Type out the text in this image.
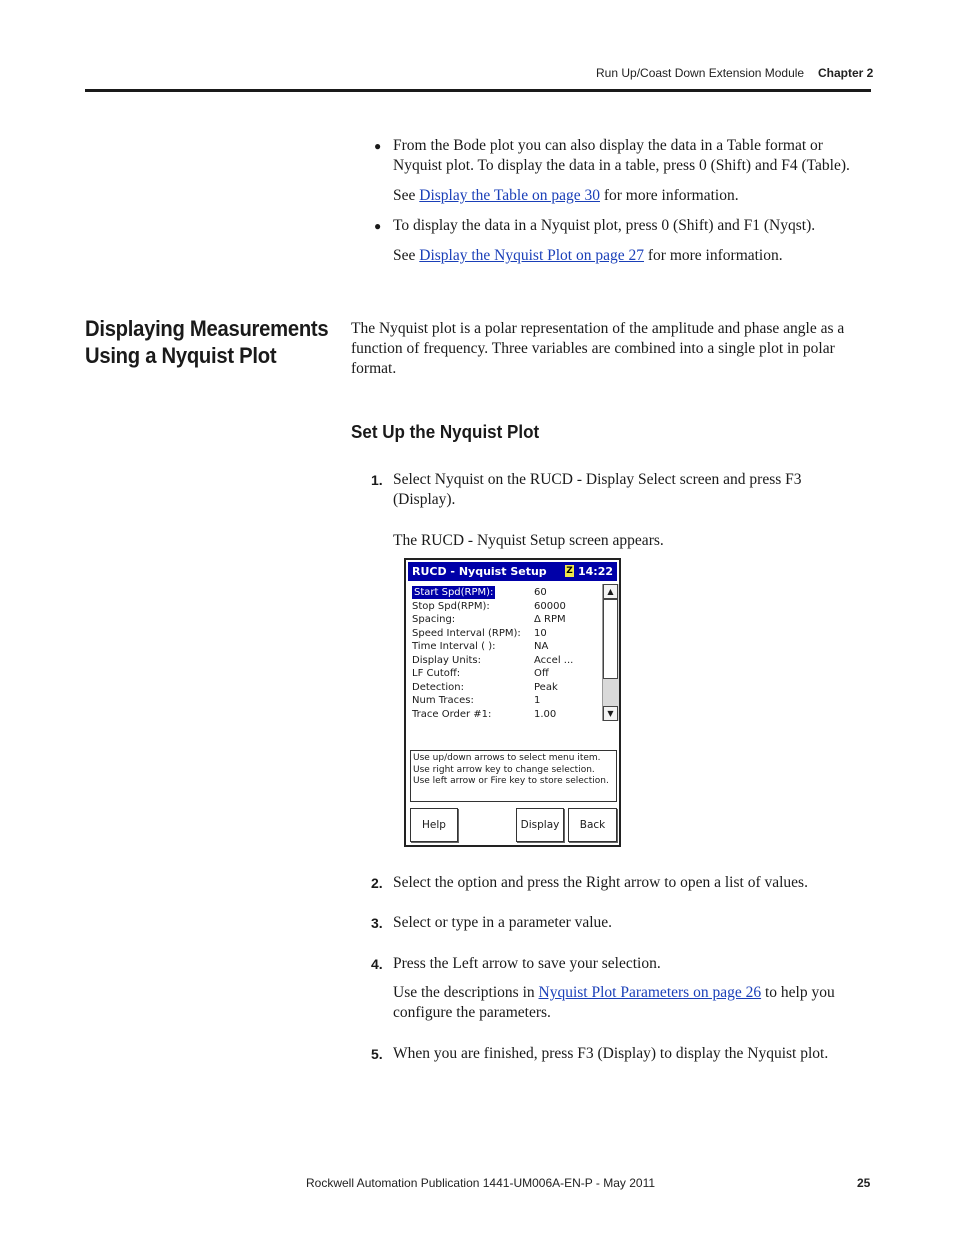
Run Up/Coast Down Extension Module Chapter 2
● From the Bode plot you can also display the data in a Table format or
Nyquist plot. To display the data in a table, press 0 (Shift) and F4 (Table).
See Display the Table on page 30 for more information.
● To display the data in a Nyquist plot, press 0 (Shift) and F1 (Nyqst).
See Display the Nyquist Plot on page 27 for more information.
Displaying Measurements
Using a Nyquist Plot
The Nyquist plot is a polar representation of the amplitude and phase angle as a
function of frequency. Three variables are combined into a single plot in polar
format.
Set Up the Nyquist Plot
1. Select Nyquist on the RUCD - Display Select screen and press F3
(Display).
The RUCD - Nyquist Setup screen appears.
RUCD - Nyquist Setup Z 14:22
Start Spd(RPM):	60
Stop Spd(RPM):	60000
Spacing:	Δ RPM
Speed Interval (RPM): 10
Time Interval ( ):	NA
Display Units:	Accel ...
LF Cutoff:	Off
Detection:	Peak
Num Traces:	1
Trace Order #1:	1.00
▲
▼
Use up/down arrows to select menu item.
Use right arrow key to change selection.
Use left arrow or Fire key to store selection.
Help	Display	Back
2. Select the option and press the Right arrow to open a list of values.
3. Select or type in a parameter value.
4. Press the Left arrow to save your selection.
Use the descriptions in Nyquist Plot Parameters on page 26 to help you
configure the parameters.
5. When you are finished, press F3 (Display) to display the Nyquist plot.
Rockwell Automation Publication 1441-UM006A-EN-P - May 2011	25
